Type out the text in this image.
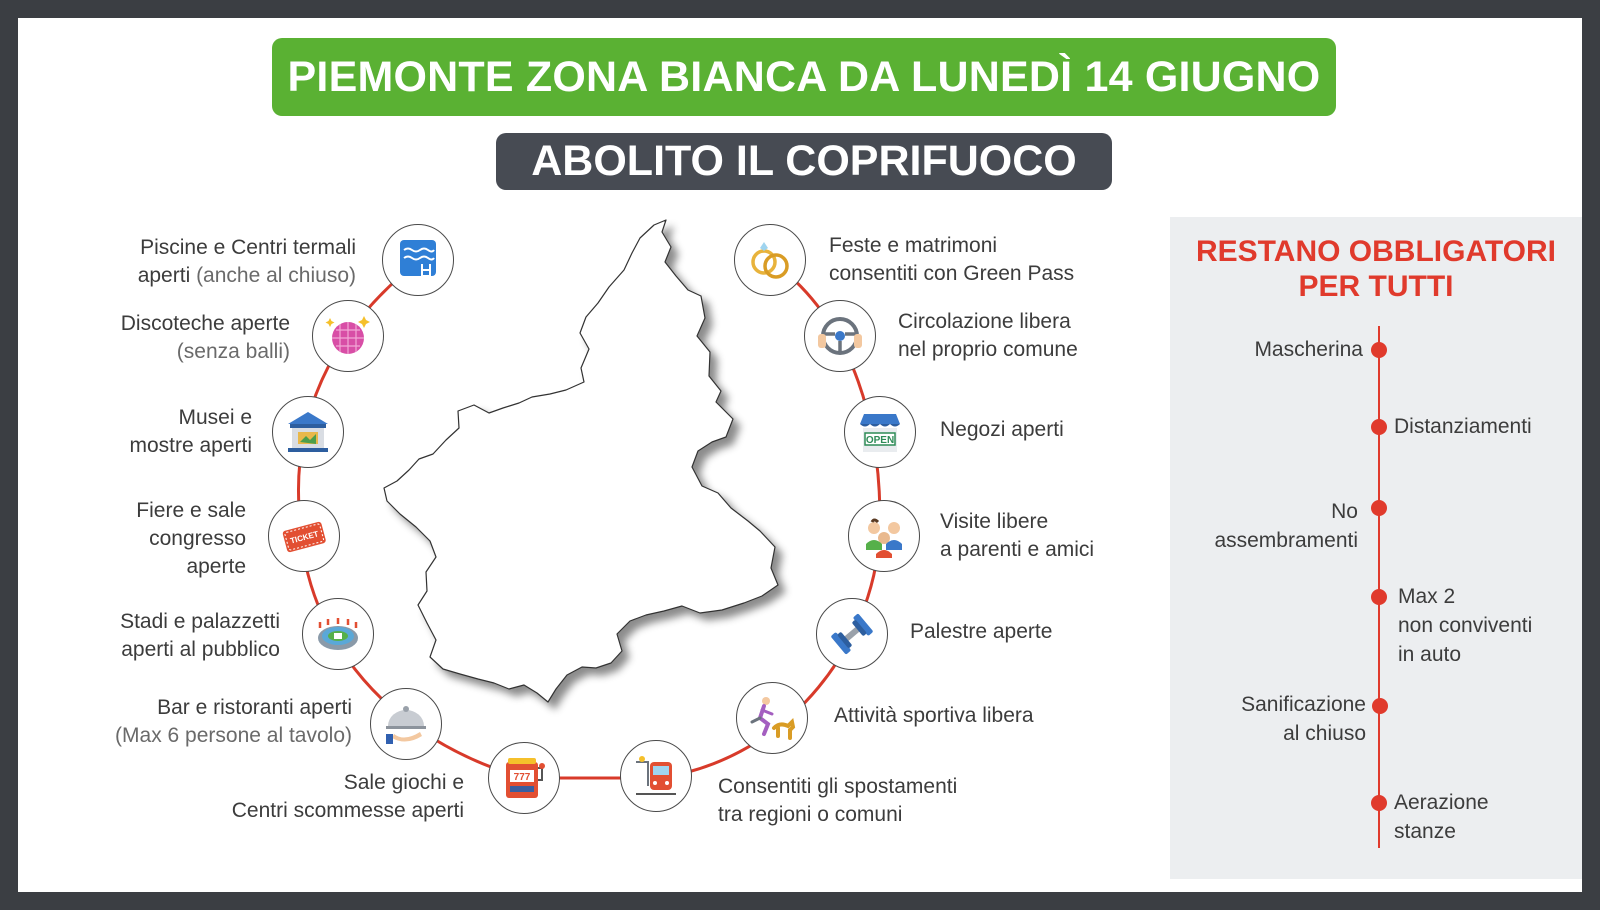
PIEMONTE ZONA BIANCA DA LUNEDÌ 14 GIUGNO
ABOLITO IL COPRIFUOCO
TICKET
777
Piscine e Centri termali
aperti (anche al chiuso)
Discoteche aperte
(senza balli)
Musei e
mostre aperti
Fiere e sale
congresso
aperte
Stadi e palazzetti
aperti al pubblico
Bar e ristoranti aperti
(Max 6 persone al tavolo)
Sale giochi e
Centri scommesse aperti
OPEN
Feste e matrimoni
consentiti con Green Pass
Circolazione libera
nel proprio comune
Negozi aperti
Visite libere
a parenti e amici
Palestre aperte
Attività sportiva libera
Consentiti gli spostamenti
tra regioni o comuni
RESTANO OBBLIGATORI
PER TUTTI
Mascherina
Distanziamenti
No
assembramenti
Max 2
non conviventi
in auto
Sanificazione
al chiuso
Aerazione
stanze
